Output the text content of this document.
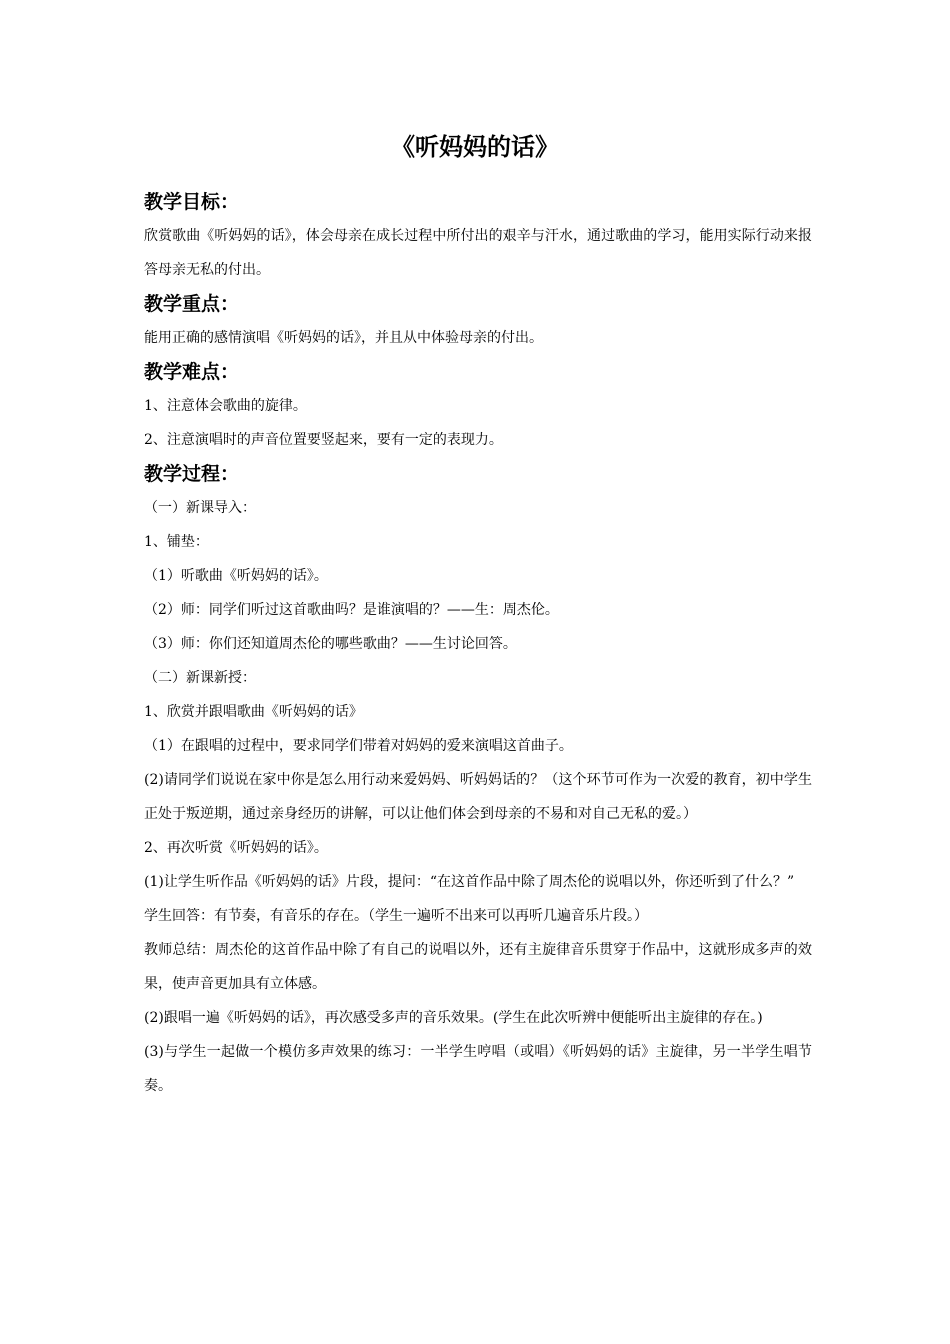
《听妈妈的话》
教学目标：
欣赏歌曲《听妈妈的话》，体会母亲在成长过程中所付出的艰辛与汗水，通过歌曲的学习，能用实际行动来报答母亲无私的付出。
教学重点：
能用正确的感情演唱《听妈妈的话》，并且从中体验母亲的付出。
教学难点：
1、注意体会歌曲的旋律。
2、注意演唱时的声音位置要竖起来，要有一定的表现力。
教学过程：
（一）新课导入：
1、铺垫：
（1）听歌曲《听妈妈的话》。
（2）师：同学们听过这首歌曲吗？是谁演唱的？——生：周杰伦。
（3）师：你们还知道周杰伦的哪些歌曲？——生讨论回答。
（二）新课新授：
1、欣赏并跟唱歌曲《听妈妈的话》
（1）在跟唱的过程中，要求同学们带着对妈妈的爱来演唱这首曲子。
(2)请同学们说说在家中你是怎么用行动来爱妈妈、听妈妈话的？（这个环节可作为一次爱的教育，初中学生正处于叛逆期，通过亲身经历的讲解，可以让他们体会到母亲的不易和对自己无私的爱。）
2、再次听赏《听妈妈的话》。
(1)让学生听作品《听妈妈的话》片段，提问：“在这首作品中除了周杰伦的说唱以外，你还听到了什么？”
学生回答：有节奏，有音乐的存在。（学生一遍听不出来可以再听几遍音乐片段。）
教师总结：周杰伦的这首作品中除了有自己的说唱以外，还有主旋律音乐贯穿于作品中，这就形成多声的效果，使声音更加具有立体感。
(2)跟唱一遍《听妈妈的话》，再次感受多声的音乐效果。(学生在此次听辨中便能听出主旋律的存在。)
(3)与学生一起做一个模仿多声效果的练习：一半学生哼唱（或唱）《听妈妈的话》主旋律，另一半学生唱节奏。
